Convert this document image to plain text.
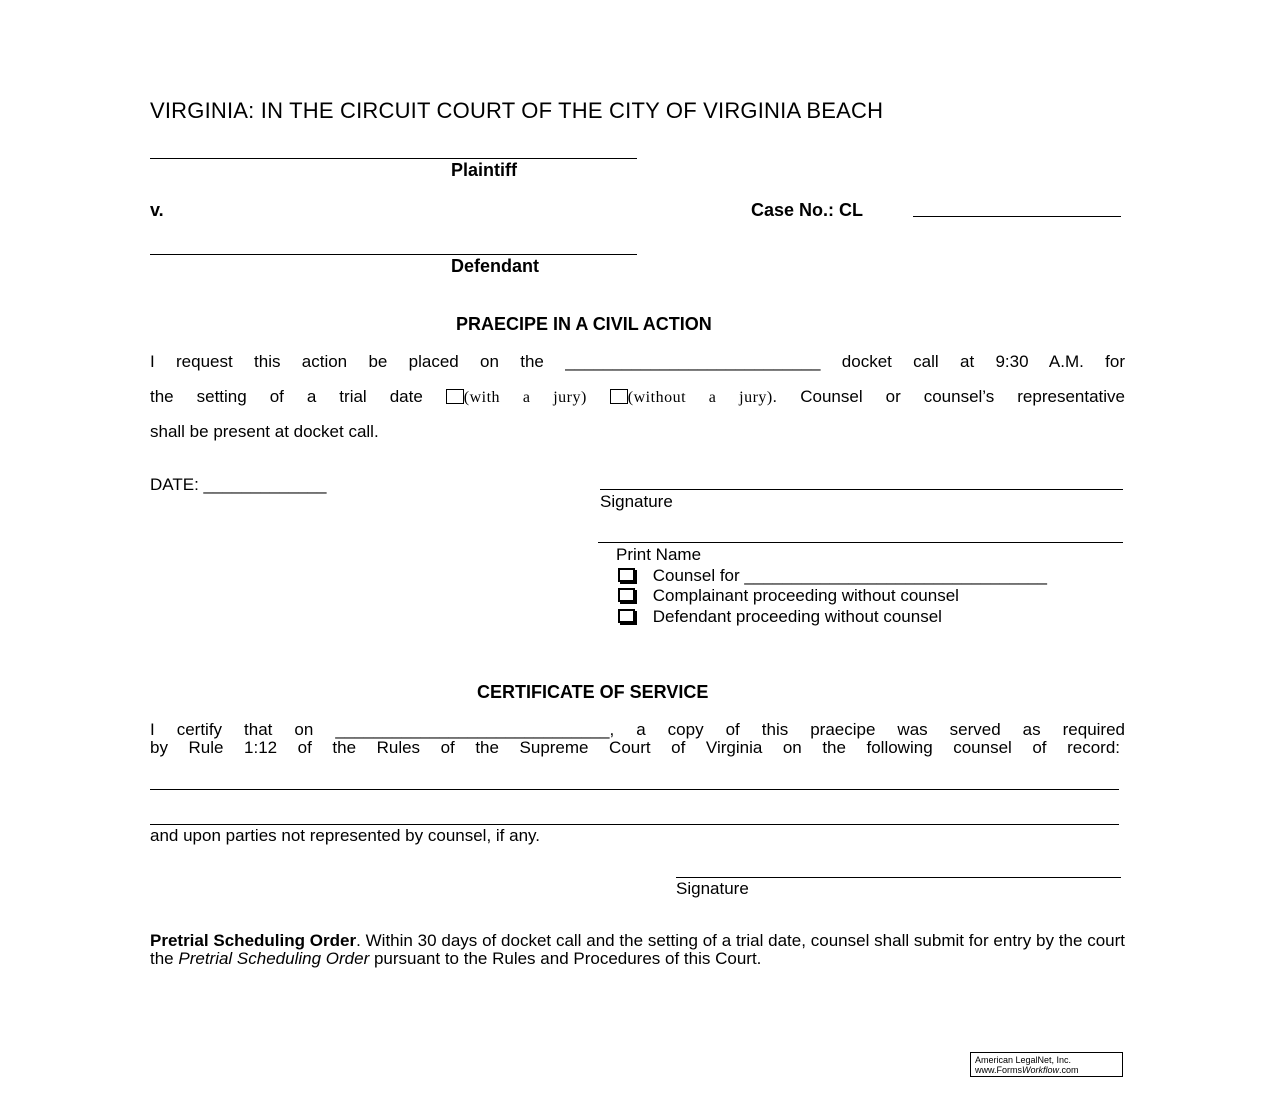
VIRGINIA: IN THE CIRCUIT COURT OF THE CITY OF VIRGINIA BEACH
Plaintiff
v.	Case No.: CL
Defendant
PRAECIPE IN A CIVIL ACTION
I request this action be placed on the ___________________________ docket call at 9:30 A.M. for
the setting of a trial date	(with a jury)	(without a jury). Counsel or counsel’s representative
shall be present at docket call.
DATE: _____________
Signature
Print Name
Counsel for ________________________________
Complainant proceeding without counsel
Defendant proceeding without counsel
CERTIFICATE OF SERVICE
I certify that on _____________________________, a copy of this praecipe was served as required
by Rule 1:12 of the Rules of the Supreme Court of Virginia on the following counsel of record:
and upon parties not represented by counsel, if any.
Signature
Pretrial Scheduling Order. Within 30 days of docket call and the setting of a trial date, counsel shall submit for entry by the court the Pretrial Scheduling Order pursuant to the Rules and Procedures of this Court.
American LegalNet, Inc.
www.FormsWorkflow.com
